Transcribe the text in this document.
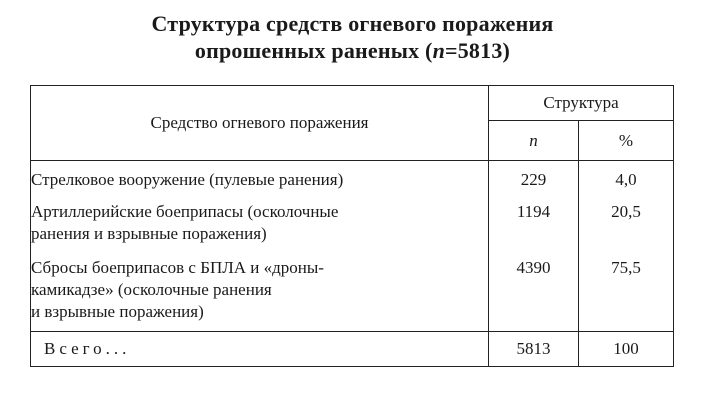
Структура средств огневого поражения
опрошенных раненых (n=5813)
Средство огневого поражения	Структура	
	n	%
Стрелковое вооружение (пулевые ранения)	229	4,0

Артиллерийские боеприпасы (осколочные
ранения и взрывные поражения)	1194	20,5

Сбросы боеприпасов с БПЛА и «дроны-
камикадзе» (осколочные ранения
и взрывные поражения)	4390	75,5
Всего...	5813	100
